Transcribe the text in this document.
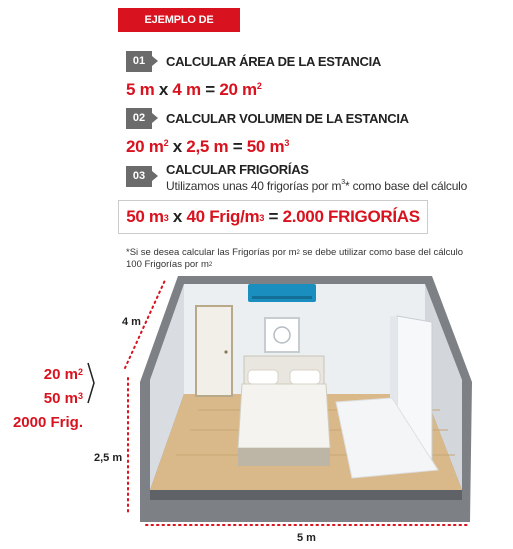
EJEMPLO DE CÁLCULO
01	CALCULAR ÁREA DE LA ESTANCIA
5 m x 4 m = 20 $m^2$
02	CALCULAR VOLUMEN DE LA ESTANCIA
20 $m^2$ x 2,5 m = 50 $m^3$
03	CALCULAR FRIGORÍAS
Utilizamos unas 40 frigorías por $m^3*$ como base del cálculo
50 $m^3$ x 40 Frig/$m^3 = 2.000$ FRIGORÍAS
*Si se desea calcular las Frigorías por $m^2$ se debe utilizar como base del cálculo
100 Frigorías por $m^2$
4 m
2,5 m
5 m
20 $m^2$
50 $m^3$
2000 Frig.
